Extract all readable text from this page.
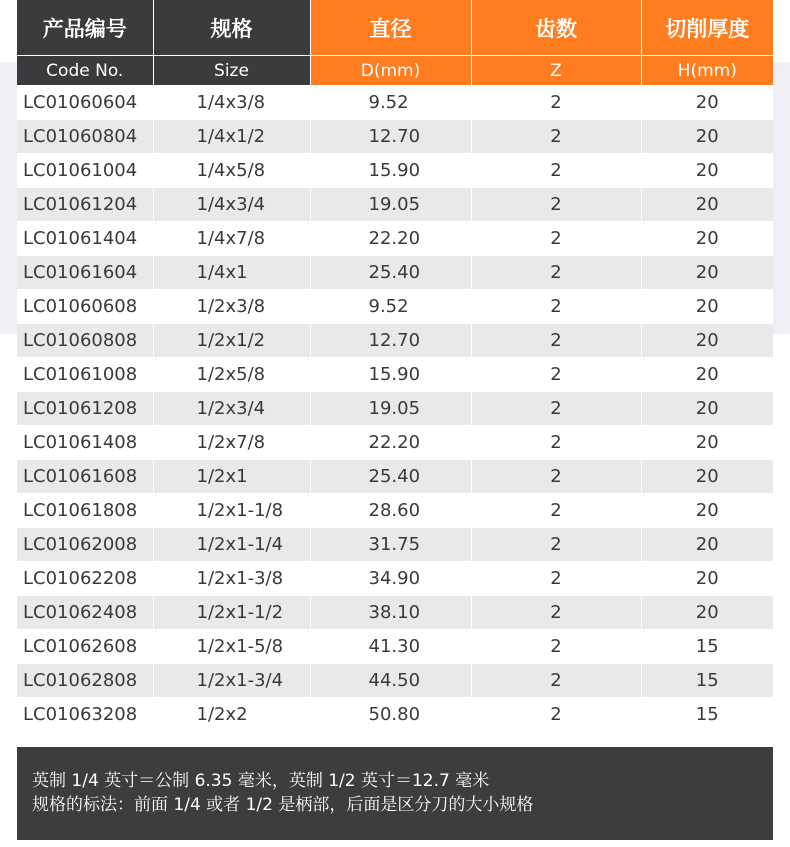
产品编号	规格	直径	齿数	切削厚度
Code No.	Size	D(mm)	Z	H(mm)
LC01060604	1/4x3/8	9.52	2	20
LC01060804	1/4x1/2	12.70	2	20
LC01061004	1/4x5/8	15.90	2	20
LC01061204	1/4x3/4	19.05	2	20
LC01061404	1/4x7/8	22.20	2	20
LC01061604	1/4x1	25.40	2	20
LC01060608	1/2x3/8	9.52	2	20
LC01060808	1/2x1/2	12.70	2	20
LC01061008	1/2x5/8	15.90	2	20
LC01061208	1/2x3/4	19.05	2	20
LC01061408	1/2x7/8	22.20	2	20
LC01061608	1/2x1	25.40	2	20
LC01061808	1/2x1-1/8	28.60	2	20
LC01062008	1/2x1-1/4	31.75	2	20
LC01062208	1/2x1-3/8	34.90	2	20
LC01062408	1/2x1-1/2	38.10	2	20
LC01062608	1/2x1-5/8	41.30	2	15
LC01062808	1/2x1-3/4	44.50	2	15
LC01063208	1/2x2	50.80	2	15
英制 1/4 英寸＝公制 6.35 毫米，英制 1/2 英寸＝12.7 毫米
规格的标法：前面 1/4 或者 1/2 是柄部，后面是区分刀的大小规格
